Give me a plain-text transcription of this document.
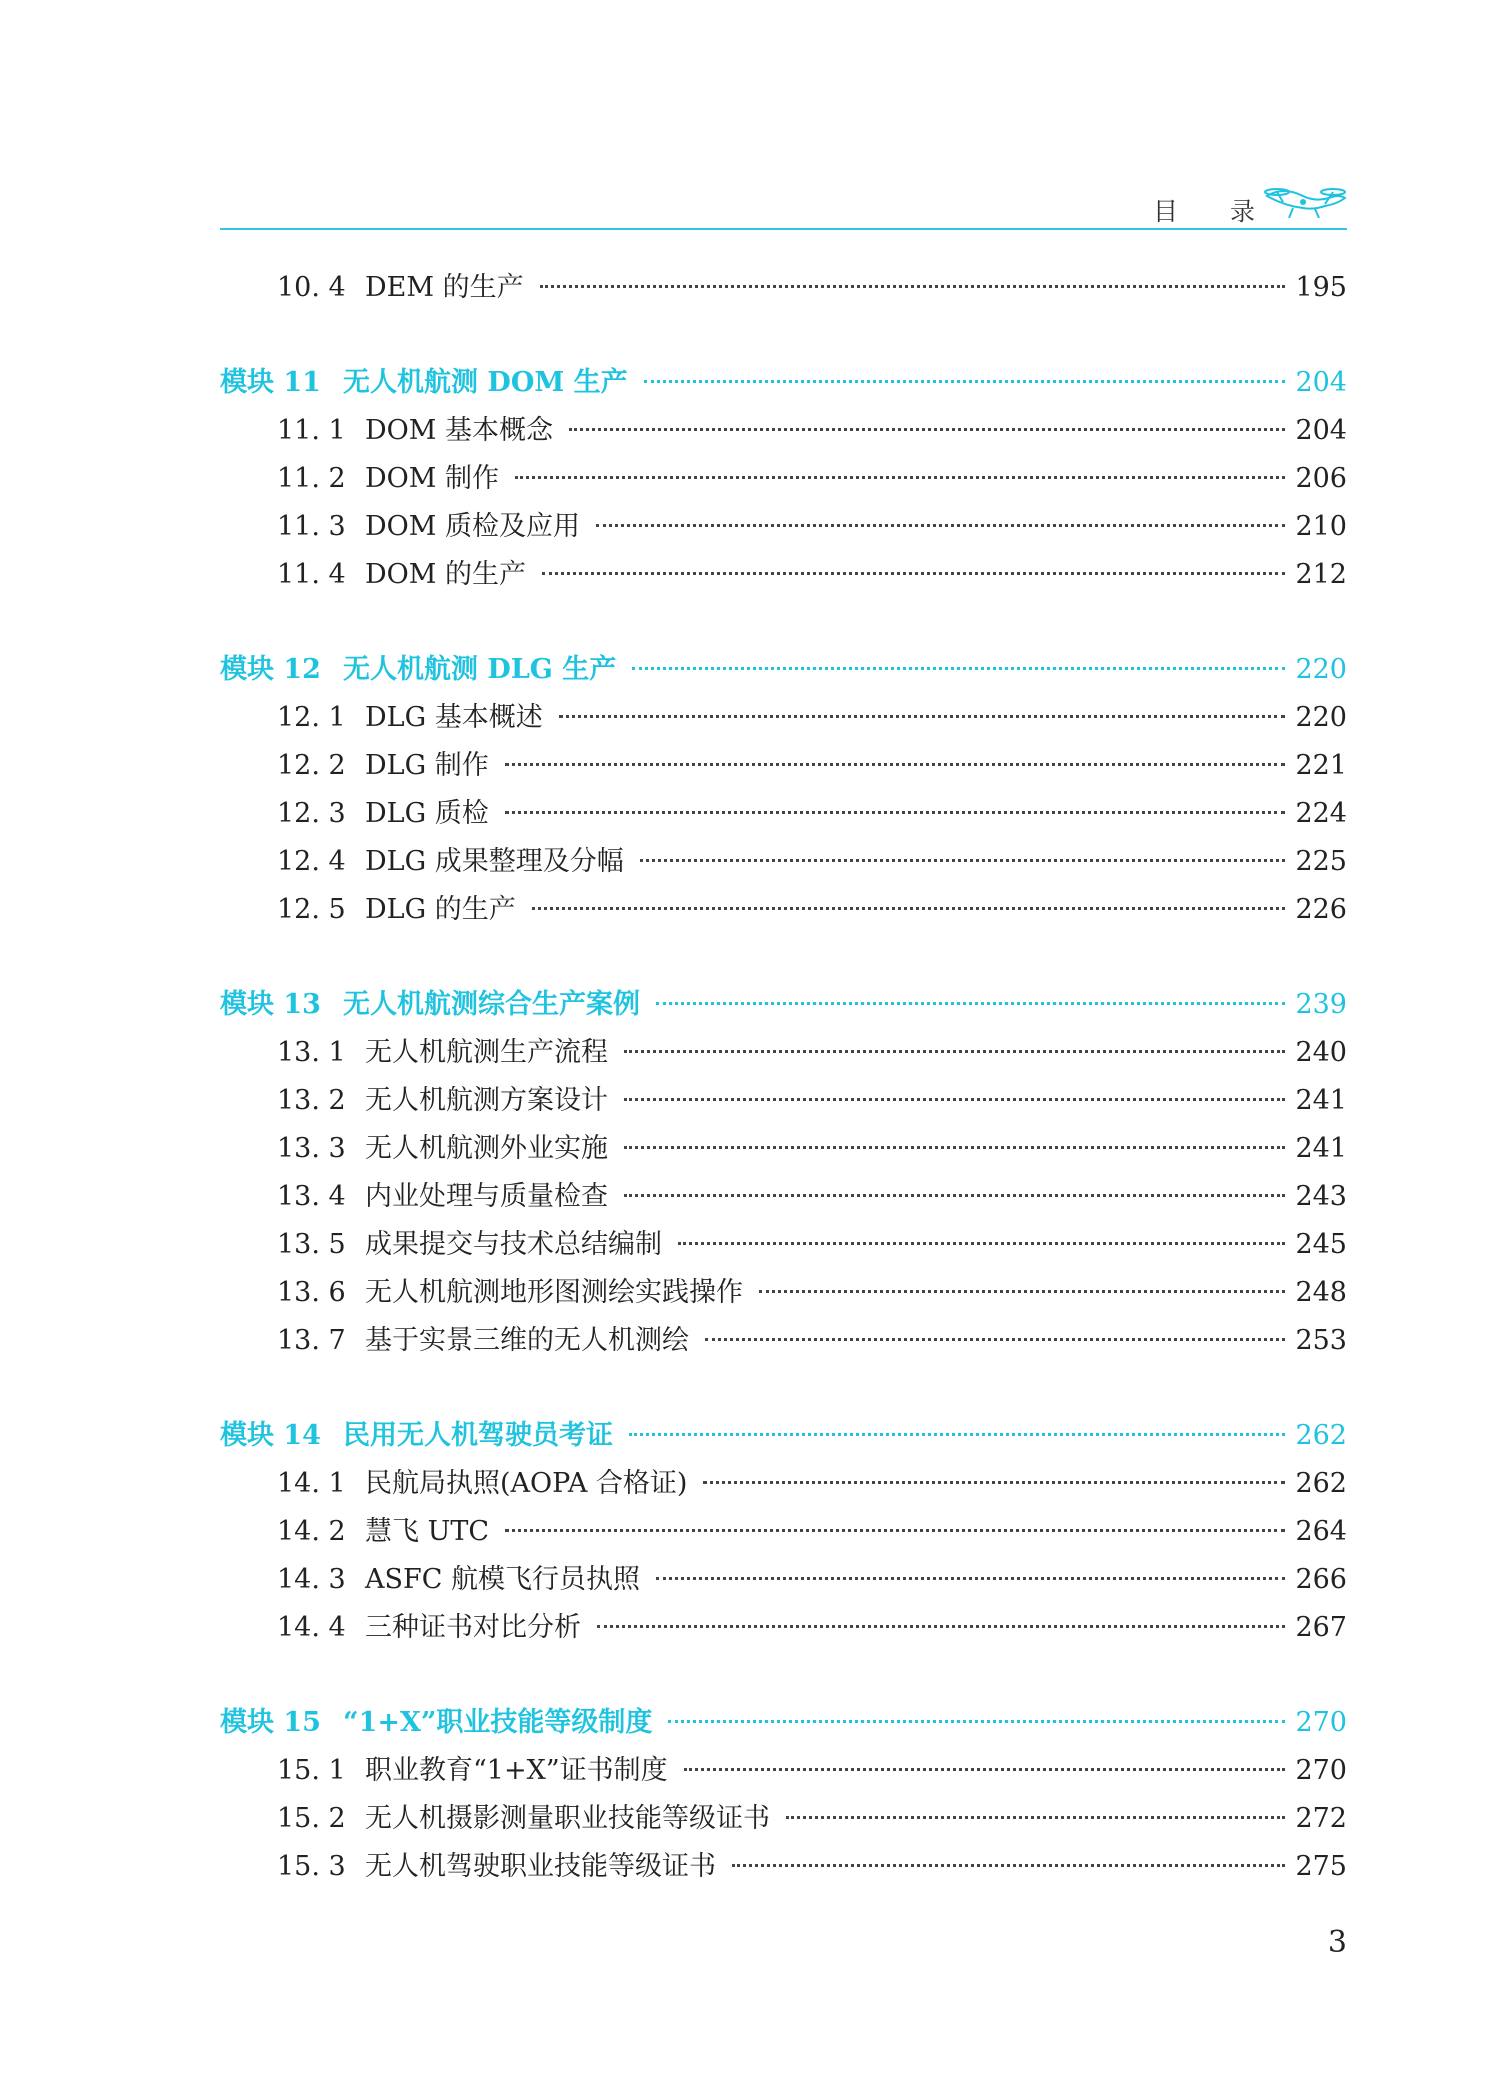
目 录
10. 4 DEM 的生产	195
模块 11 无人机航测 DOM 生产	204
11. 1 DOM 基本概念	204
11. 2 DOM 制作	206
11. 3 DOM 质检及应用	210
11. 4 DOM 的生产	212
模块 12 无人机航测 DLG 生产	220
12. 1 DLG 基本概述	220
12. 2 DLG 制作	221
12. 3 DLG 质检	224
12. 4 DLG 成果整理及分幅	225
12. 5 DLG 的生产	226
模块 13 无人机航测综合生产案例	239
13. 1 无人机航测生产流程	240
13. 2 无人机航测方案设计	241
13. 3 无人机航测外业实施	241
13. 4 内业处理与质量检查	243
13. 5 成果提交与技术总结编制	245
13. 6 无人机航测地形图测绘实践操作	248
13. 7 基于实景三维的无人机测绘	253
模块 14 民用无人机驾驶员考证	262
14. 1 民航局执照(AOPA 合格证)	262
14. 2 慧飞 UTC	264
14. 3 ASFC 航模飞行员执照	266
14. 4 三种证书对比分析	267
模块 15 “1+X”职业技能等级制度	270
15. 1 职业教育“1+X”证书制度	270
15. 2 无人机摄影测量职业技能等级证书	272
15. 3 无人机驾驶职业技能等级证书	275
3
